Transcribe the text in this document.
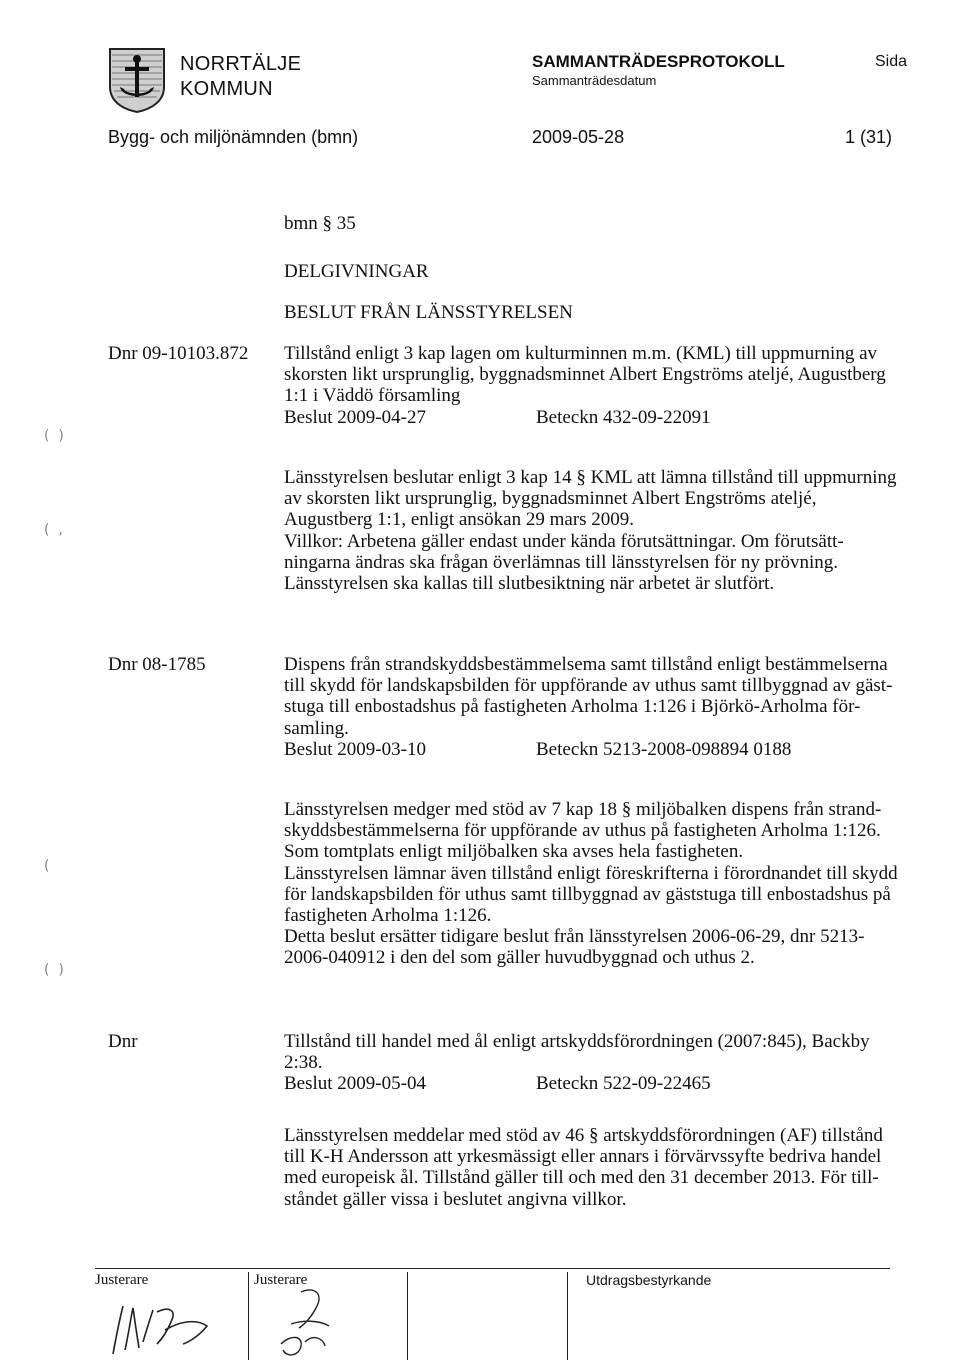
NORRTÄLJE
KOMMUN
SAMMANTRÄDESPROTOKOLL
Sammanträdesdatum
Sida
Bygg- och miljönämnden (bmn)	2009-05-28	1 (31)
bmn § 35
DELGIVNINGAR
BESLUT FRÅN LÄNSSTYRELSEN
Dnr 09-10103.872 Tillstånd enligt 3 kap lagen om kulturminnen m.m. (KML) till uppmurning av

skorsten likt ursprunglig, byggnadsminnet Albert Engströms ateljé, Augustberg

1:1 i Väddö församling

Beslut 2009-04-27	Beteckn 432-09-22091

Länsstyrelsen beslutar enligt 3 kap 14 § KML att lämna tillstånd till uppmurning

av skorsten likt ursprunglig, byggnadsminnet Albert Engströms ateljé,

Augustberg 1:1, enligt ansökan 29 mars 2009.

Villkor: Arbetena gäller endast under kända förutsättningar. Om förutsätt-

ningarna ändras ska frågan överlämnas till länsstyrelsen för ny prövning.

Länsstyrelsen ska kallas till slutbesiktning när arbetet är slutfört.

Dnr 08-1785	Dispens från strandskyddsbestämmelsema samt tillstånd enligt bestämmelserna

till skydd för landskapsbilden för uppförande av uthus samt tillbyggnad av gäst-

stuga till enbostadshus på fastigheten Arholma 1:126 i Björkö-Arholma för-

samling.

Beslut 2009-03-10	Beteckn 5213-2008-098894 0188

Länsstyrelsen medger med stöd av 7 kap 18 § miljöbalken dispens från strand-

skyddsbestämmelserna för uppförande av uthus på fastigheten Arholma 1:126.

Som tomtplats enligt miljöbalken ska avses hela fastigheten.

Länsstyrelsen lämnar även tillstånd enligt föreskrifterna i förordnandet till skydd

för landskapsbilden för uthus samt tillbyggnad av gäststuga till enbostadshus på

fastigheten Arholma 1:126.

Detta beslut ersätter tidigare beslut från länsstyrelsen 2006-06-29, dnr 5213-

2006-040912 i den del som gäller huvudbyggnad och uthus 2.

Dnr	Tillstånd till handel med ål enligt artskyddsförordningen (2007:845), Backby

2:38.

Beslut 2009-05-04	Beteckn 522-09-22465

Länsstyrelsen meddelar med stöd av 46 § artskyddsförordningen (AF) tillstånd

till K-H Andersson att yrkesmässigt eller annars i förvärvssyfte bedriva handel

med europeisk ål. Tillstånd gäller till och med den 31 december 2013. För till-

ståndet gäller vissa i beslutet angivna villkor.

(  )
(  ,
(
(  )
Justerare	Justerare	Utdragsbestyrkande
